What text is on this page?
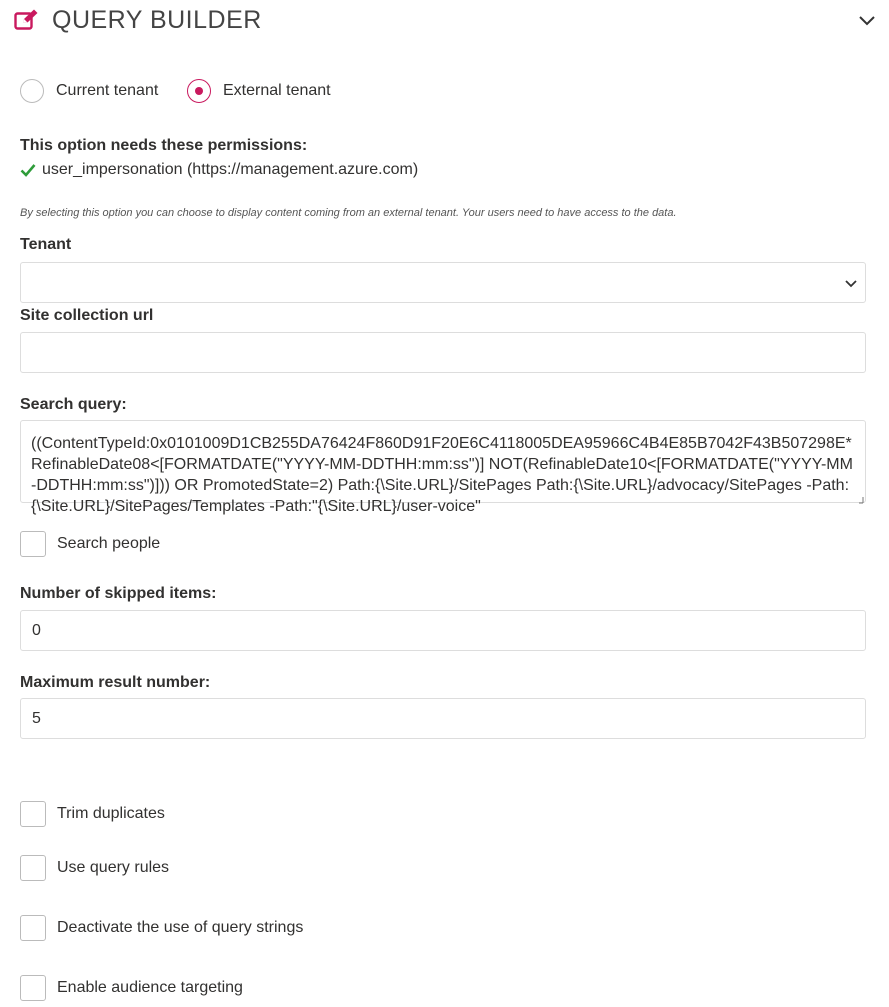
QUERY BUILDER
Current tenant	External tenant
This option needs these permissions:
user_impersonation (https://management.azure.com)
By selecting this option you can choose to display content coming from an external tenant. Your users need to have access to the data.
Tenant
Site collection url
Search query:
((ContentTypeId:0x0101009D1CB255DA76424F860D91F20E6C4118005DEA95966C4B4E85B7042F43B507298E* RefinableDate08<[FORMATDATE("YYYY-MM-DDTHH:mm:ss")] NOT(RefinableDate10<[FORMATDATE("YYYY-MM-DDTHH:mm:ss")])) OR PromotedState=2) Path:{\Site.URL}/SitePages Path:{\Site.URL}/advocacy/SitePages -Path:{\Site.URL}/SitePages/Templates -Path:"{\Site.URL}/user-voice"
Search people
Number of skipped items:
0
Maximum result number:
5
Trim duplicates
Use query rules
Deactivate the use of query strings
Enable audience targeting
